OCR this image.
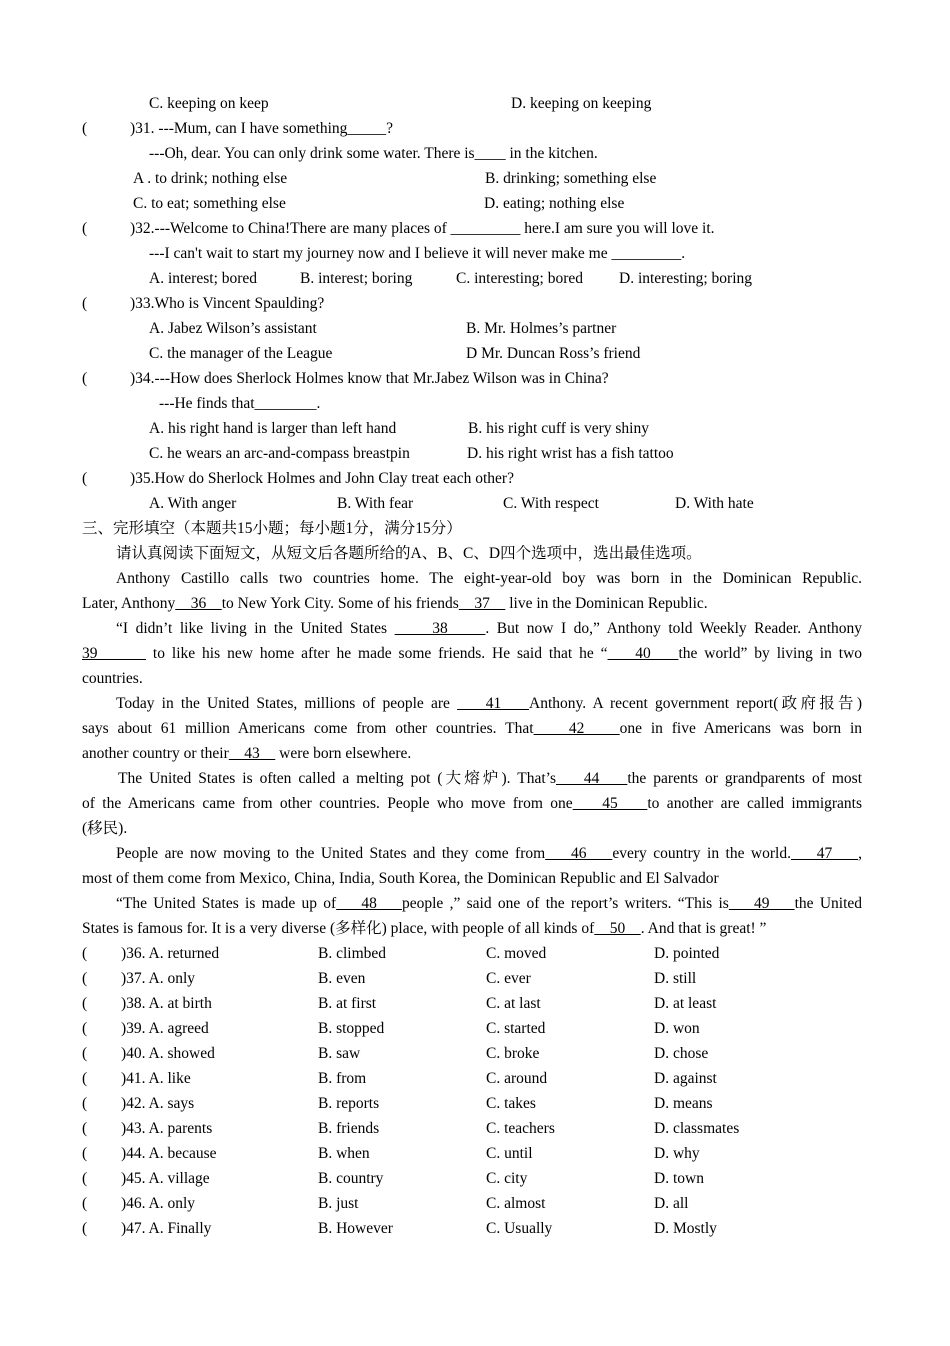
C. keeping on keep	D. keeping on keeping
(	)31. ---Mum, can I have something_____?
---Oh, dear. You can only drink some water. There is____ in the kitchen.
A . to drink; nothing else	B. drinking; something else
C. to eat; something else	D. eating; nothing else
(	)32.---Welcome to China!There are many places of _________ here.I am sure you will love it.
---I can't wait to start my journey now and I believe it will never make me _________.
A. interest; bored	B. interest; boring	C. interesting; bored D. interesting; boring
(	)33.Who is Vincent Spaulding?
A. Jabez Wilson’s assistant	B. Mr. Holmes’s partner
C. the manager of the League	D Mr. Duncan Ross’s friend
(	)34.---How does Sherlock Holmes know that Mr.Jabez Wilson was in China?
---He finds that________.
A. his right hand is larger than left hand	B. his right cuff is very shiny
C. he wears an arc-and-compass breastpin	D. his right wrist has a fish tattoo
(	)35.How do Sherlock Holmes and John Clay treat each other?
A. With anger	B. With fear	C. With respect	D. With hate
三、完形填空（本题共15小题；每小题1分，满分15分）
请认真阅读下面短文，从短文后各题所给的A、B、C、D四个选项中，选出最佳选项。
Anthony Castillo calls two countries home. The eight-year-old boy was born in the Dominican Republic.
Later, Anthony    36    to New York City. Some of his friends    37     live in the Dominican Republic.
“I didn’t like living in the United States      38     . But now I do,” Anthony told Weekly Reader. Anthony
39        to like his new home after he made some friends. He said that he “    40    the world” by living in two
countries.
Today in the United States, millions of people are     41    Anthony. A recent government report(政府报告)
says about 61 million Americans come from other countries. That    42    one in five Americans was born in
another country or their    43     were born elsewhere.
The United States is often called a melting pot (大熔炉). That’s    44    the parents or grandparents of most
of the Americans came from other countries. People who move from one    45    to another are called immigrants
(移民).
People are now moving to the United States and they come from    46    every country in the world.    47    ,
most of them come from Mexico, China, India, South Korea, the Dominican Republic and El Salvador
“The United States is made up of    48    people ,” said one of the report’s writers. “This is    49    the United
States is famous for. It is a very diverse (多样化) place, with people of all kinds of    50    . And that is great! ”
( )36. A. returned	B. climbed	C. moved	D. pointed
( )37. A. only	B. even	C. ever	D. still
( )38. A. at birth	B. at first	C. at last	D. at least
( )39. A. agreed	B. stopped	C. started	D. won
( )40. A. showed	B. saw	C. broke	D. chose
( )41. A. like	B. from	C. around	D. against
( )42. A. says	B. reports	C. takes	D. means
( )43. A. parents	B. friends	C. teachers	D. classmates
( )44. A. because	B. when	C. until	D. why
( )45. A. village	B. country	C. city	D. town
( )46. A. only	B. just	C. almost	D. all
( )47. A. Finally	B. However	C. Usually	D. Mostly
